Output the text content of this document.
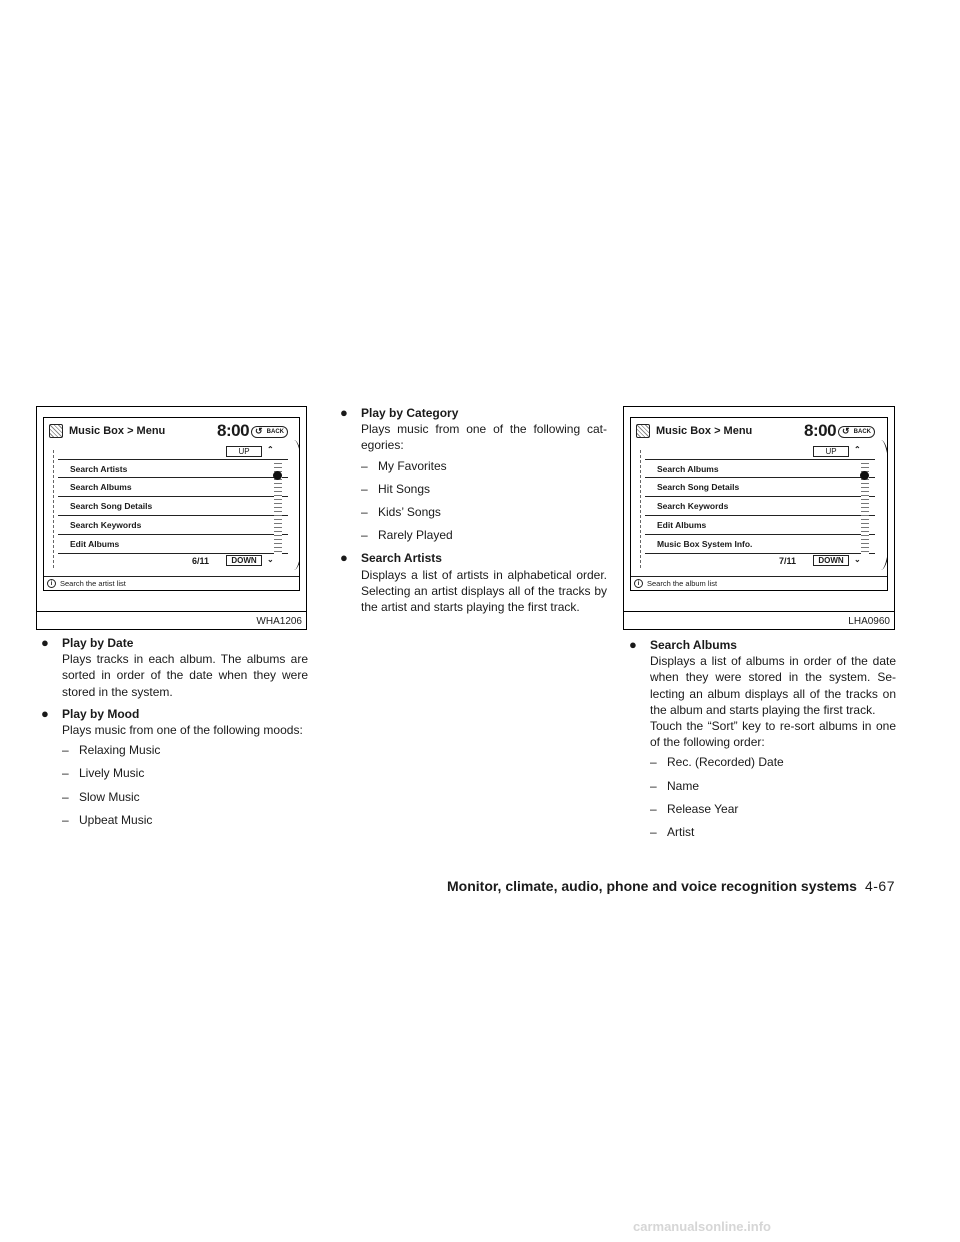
Music Box > Menu	8:00	↺ BACK
UP	⌃
Search Artists
Search Albums
Search Song Details
Search Keywords
Edit Albums
6/11	DOWN	⌄
i	Search the artist list
WHA1206
Music Box > Menu	8:00	↺ BACK
UP	⌃
Search Albums
Search Song Details
Search Keywords
Edit Albums
Music Box System Info.
7/11	DOWN	⌄
i	Search the album list
LHA0960
● Play by Date
Plays tracks in each album. The albums are sorted in order of the date when they were stored in the system.
● Play by Mood
Plays music from one of the following moods:
– Relaxing Music
– Lively Music
– Slow Music
– Upbeat Music
● Play by Category
Plays music from one of the following cat-egories:
– My Favorites
– Hit Songs
– Kids’ Songs
– Rarely Played
● Search Artists
Displays a list of artists in alphabetical order. Selecting an artist displays all of the tracks by the artist and starts playing the first track.
● Search Albums
Displays a list of albums in order of the date when they were stored in the system. Se-lecting an album displays all of the tracks on the album and starts playing the first track.
Touch the “Sort” key to re-sort albums in one of the following order:
– Rec. (Recorded) Date
– Name
– Release Year
– Artist
Monitor, climate, audio, phone and voice recognition systems 4-67
carmanualsonline.info
